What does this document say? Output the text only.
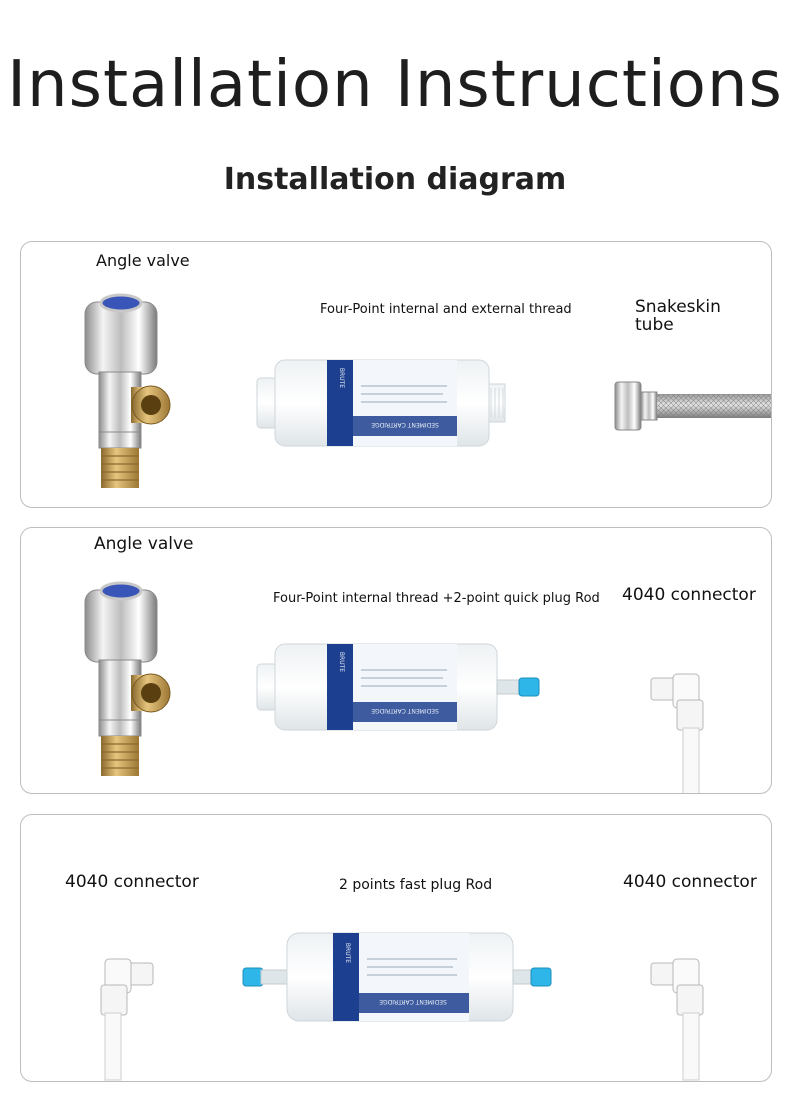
Installation Instructions
Installation diagram
Angle valve
Four-Point internal and external thread	Snakeskin tube
SEDIMENT CARTRIDGE
BRUTE
Angle valve
Four-Point internal thread +2-point quick plug Rod 4040 connector
SEDIMENT CARTRIDGE
BRUTE
4040 connector	2 points fast plug Rod	4040 connector
SEDIMENT CARTRIDGE
BRUTE
